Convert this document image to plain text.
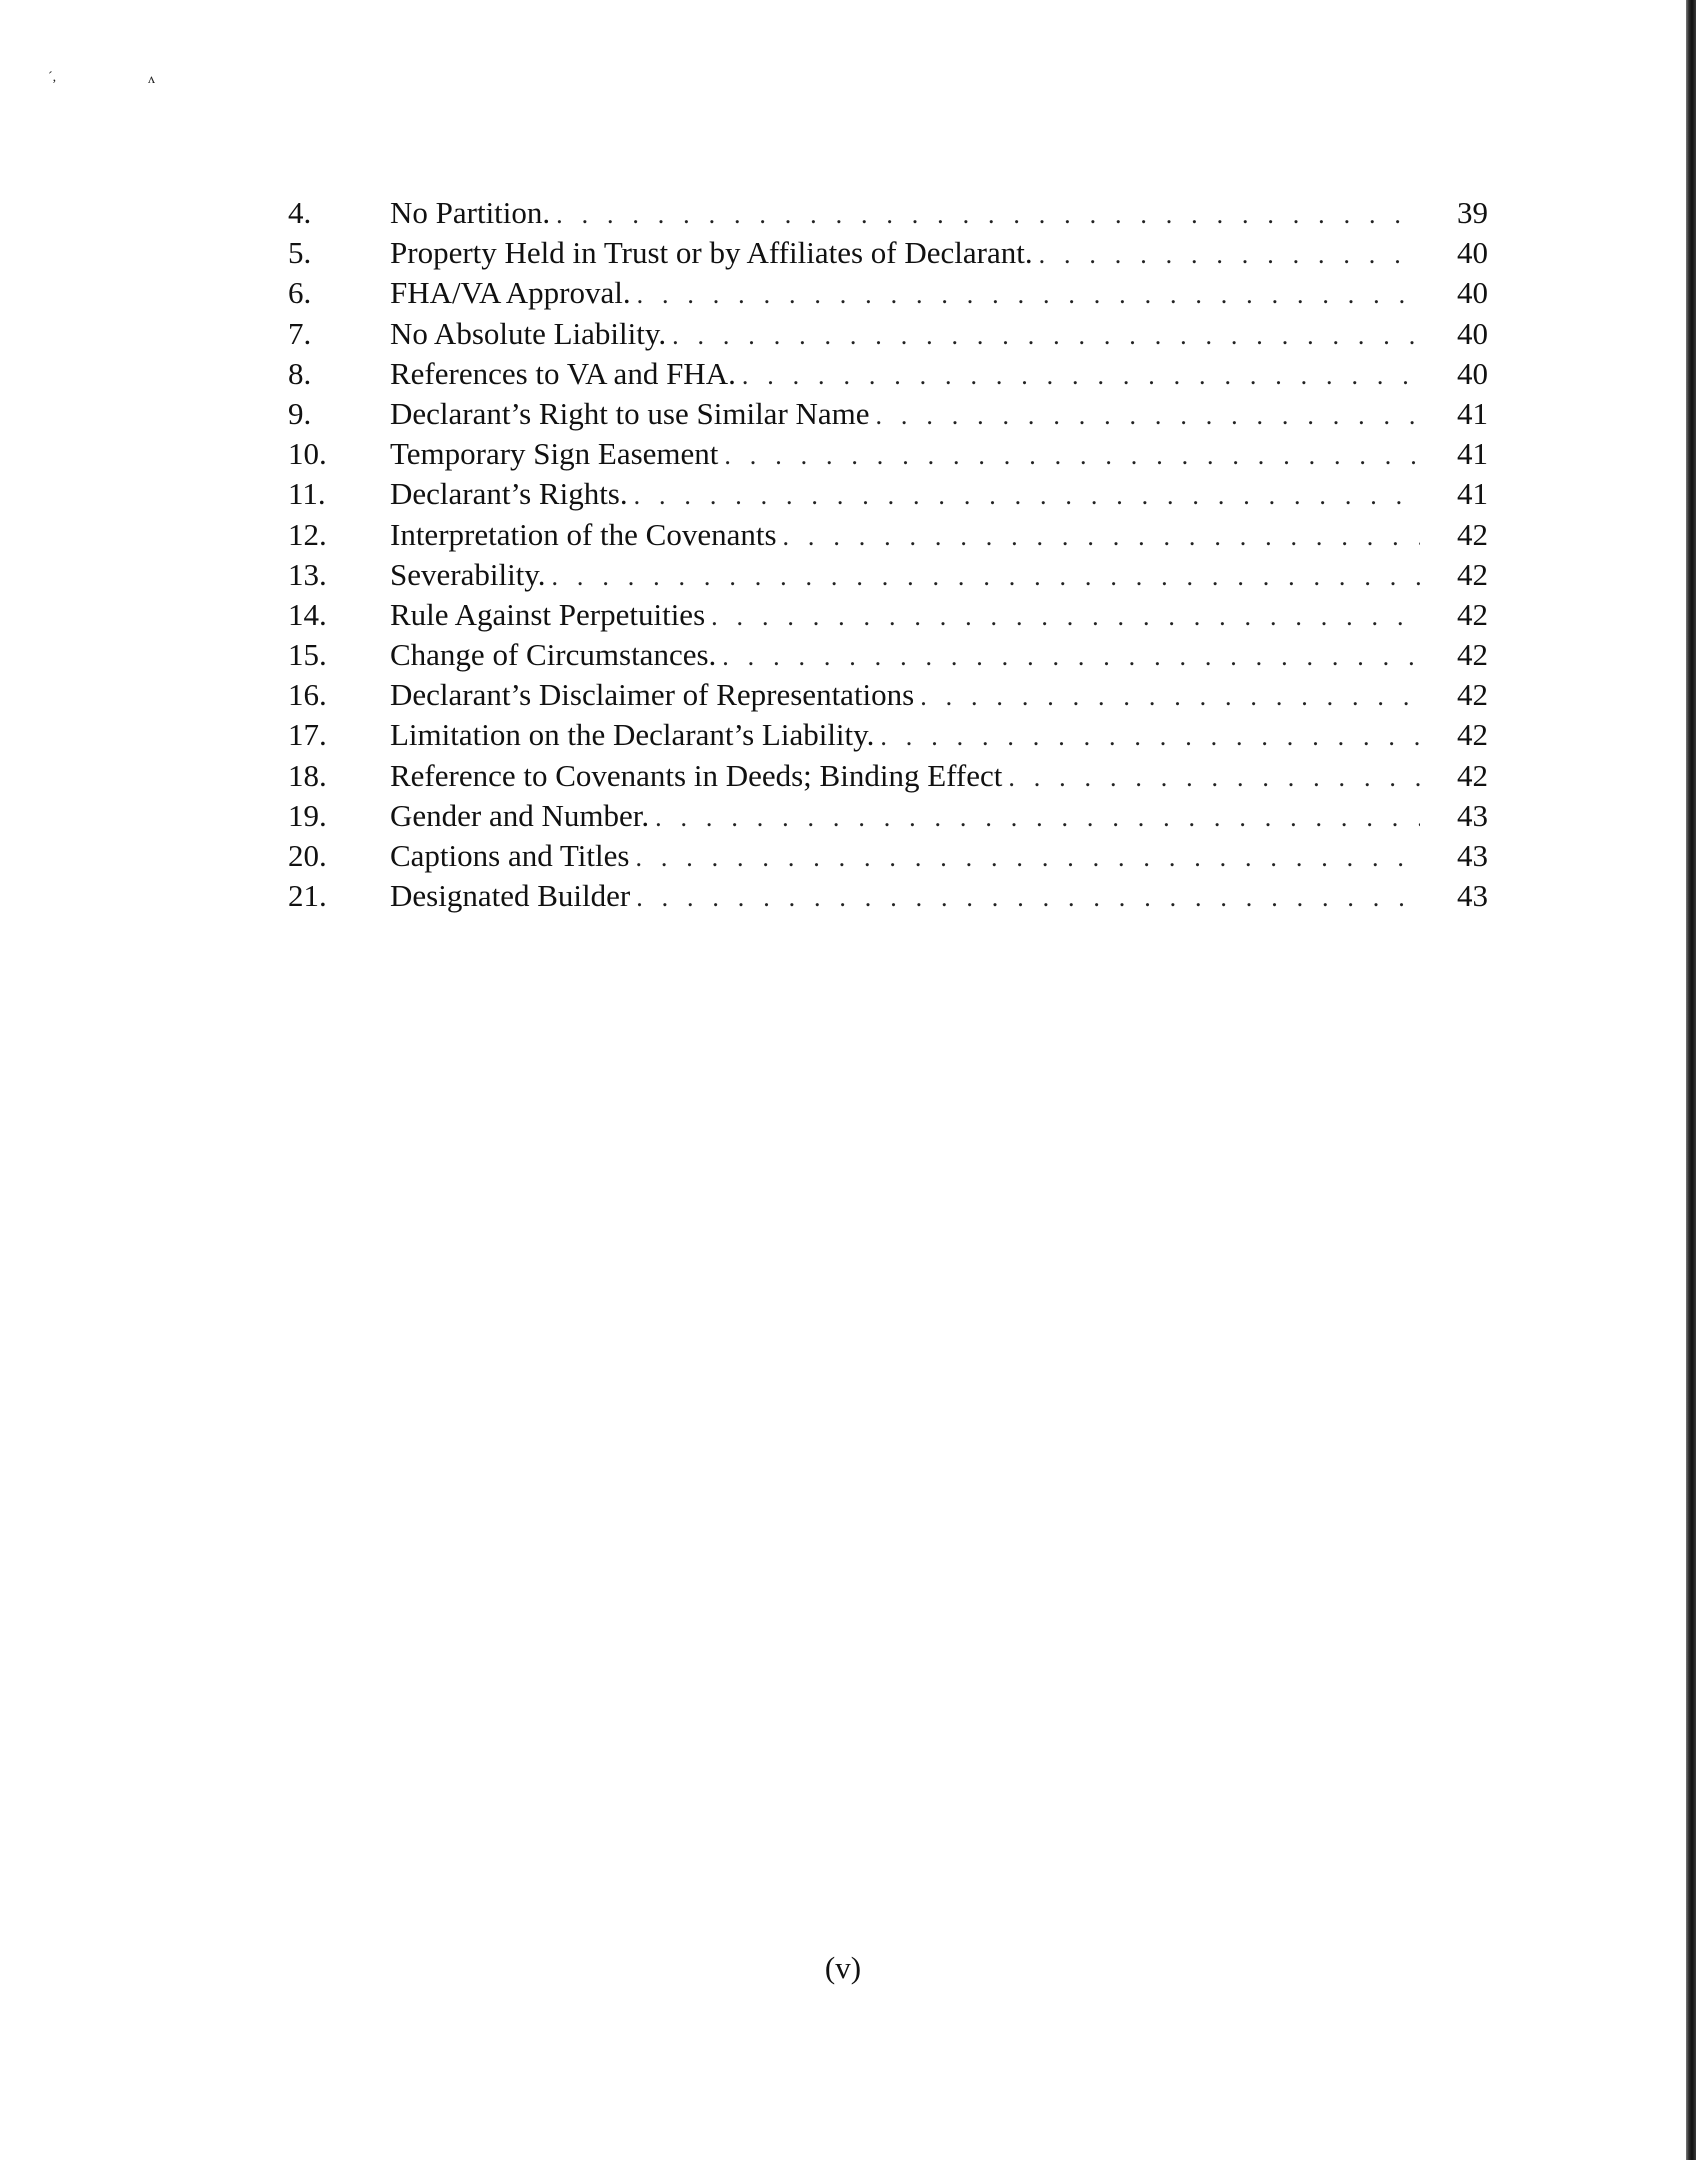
´,	ʌ
4.	No Partition. . . .	39
5.	Property Held in Trust or by Affiliates of Declarant. . . .	40
6.	FHA/VA Approval. . . .	40
7.	No Absolute Liability. . . .	40
8.	References to VA and FHA. . . .	40
9.	Declarant’s Right to use Similar Name . . .	41
10.	Temporary Sign Easement . . .	41
11.	Declarant’s Rights. . . .	41
12.	Interpretation of the Covenants . . .	42
13.	Severability. . . .	42
14.	Rule Against Perpetuities . . .	42
15.	Change of Circumstances. . . .	42
16.	Declarant’s Disclaimer of Representations . . .	42
17.	Limitation on the Declarant’s Liability. . . .	42
18.	Reference to Covenants in Deeds; Binding Effect . . .	42
19.	Gender and Number. . . .	43
20.	Captions and Titles . . .	43
21.	Designated Builder . . .	43
(v)
